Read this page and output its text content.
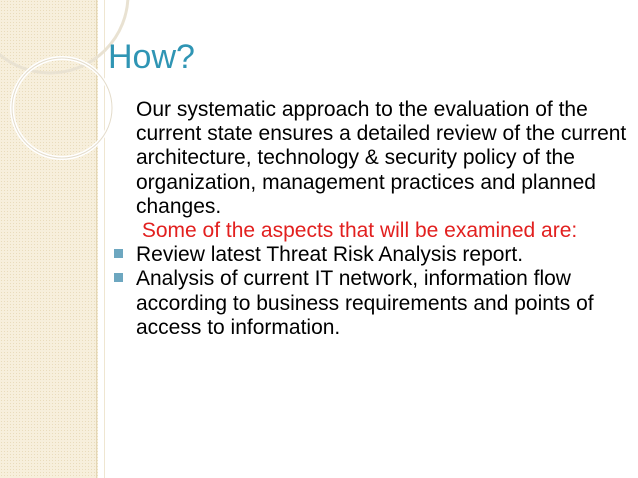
How?

Our systematic approach to the evaluation of the current state ensures a detailed review of the current architecture, technology & security policy of the organization, management practices and planned changes.

Some of the aspects that will be examined are:

Review latest Threat Risk Analysis report.

Analysis of current IT network, information flow according to business requirements and points of access to information.
